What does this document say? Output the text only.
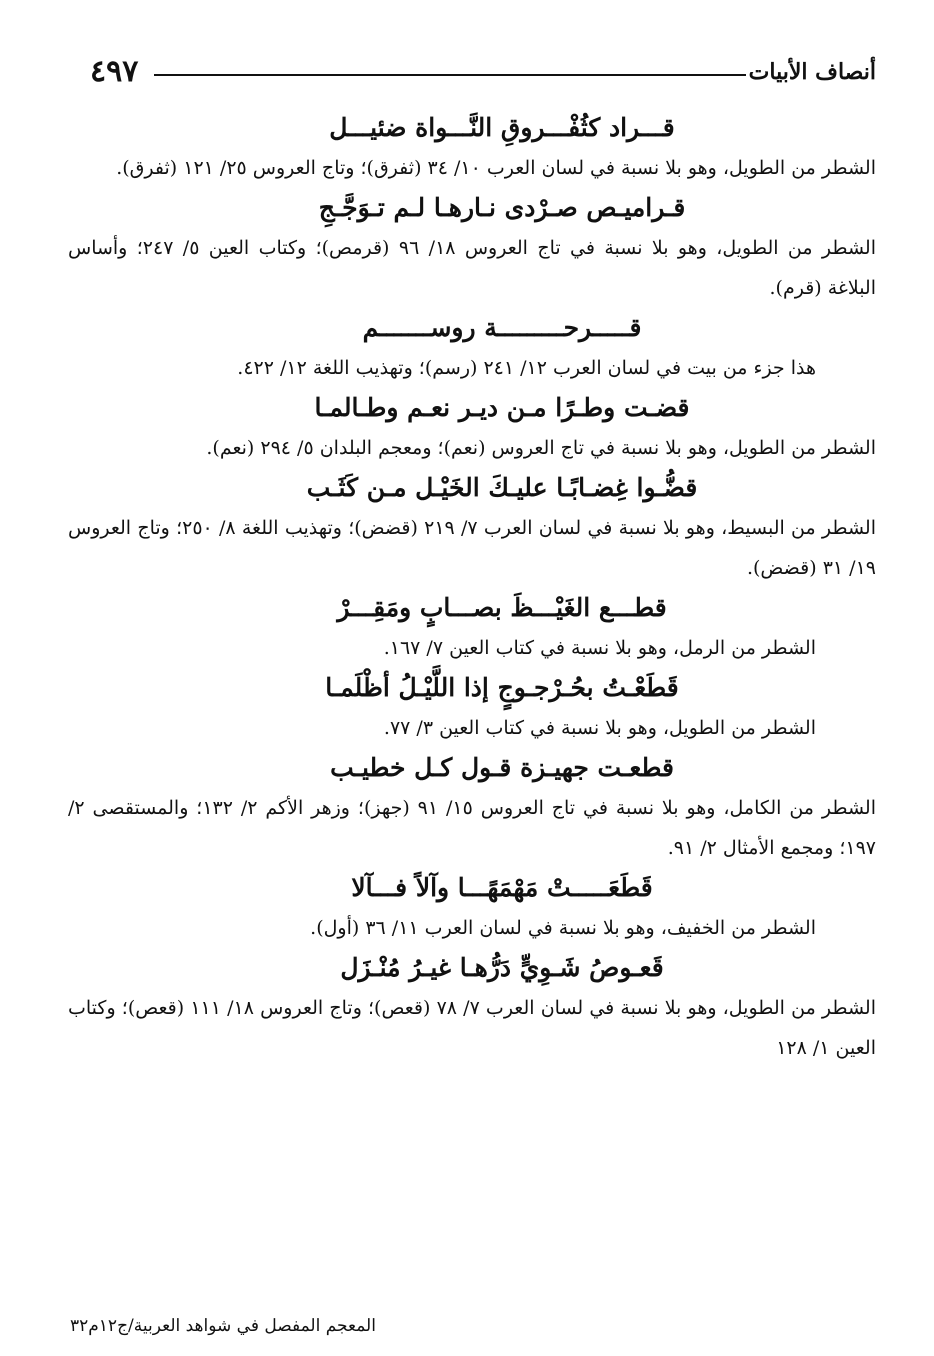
٤٩٧	أنصاف الأبيات

قـــراد كثُفْـــروقِ النَّـــواة ضئيـــل

الشطر من الطويل، وهو بلا نسبة في لسان العرب ١٠/ ٣٤ (ثفرق)؛ وتاج العروس ٢٥/ ١٢١ (ثفرق).

قـراميـص صـرْدى نـارهـا لـم تـوَجَّـجِ

الشطر من الطويل، وهو بلا نسبة في تاج العروس ١٨/ ٩٦ (قرمص)؛ وكتاب العين ٥/ ٢٤٧؛ وأساس البلاغة (قرم).

قـــــرحـــــــــة روســـــــم

هذا جزء من بيت في لسان العرب ١٢/ ٢٤١ (رسم)؛ وتهذيب اللغة ١٢/ ٤٢٢.

قضـت وطـرًا مـن ديـر نعـم وطـالمـا

الشطر من الطويل، وهو بلا نسبة في تاج العروس (نعم)؛ ومعجم البلدان ٥/ ٢٩٤ (نعم).

قضُّـوا غِضـابًـا عليـكَ الخَيْـل مـن كَثَـب

الشطر من البسيط، وهو بلا نسبة في لسان العرب ٧/ ٢١٩ (قضض)؛ وتهذيب اللغة ٨/ ٢٥٠؛ وتاج العروس ١٩/ ٣١ (قضض).

قطـــع الغَيْـــظَ بصـــابٍ ومَقِـــرْ

الشطر من الرمل، وهو بلا نسبة في كتاب العين ٧/ ١٦٧.

قَطَعْـتُ بحُـرْجـوجٍ إذا اللَّيْـلُ أظْلَمـا

الشطر من الطويل، وهو بلا نسبة في كتاب العين ٣/ ٧٧.

قطعـت جهيـزة قـول كـل خطيـب

الشطر من الكامل، وهو بلا نسبة في تاج العروس ١٥/ ٩١ (جهز)؛ وزهر الأكم ٢/ ١٣٢؛ والمستقصى ٢/ ١٩٧؛ ومجمع الأمثال ٢/ ٩١.

قَطَعَـــــتْ مَهْمَهًـــا وآلاً فـــآلا

الشطر من الخفيف، وهو بلا نسبة في لسان العرب ١١/ ٣٦ (أول).

قَعـوصُ شَـوِيٍّ دَرُّهـا غيـرُ مُنْـزَل

الشطر من الطويل، وهو بلا نسبة في لسان العرب ٧/ ٧٨ (قعص)؛ وتاج العروس ١٨/ ١١١ (قعص)؛ وكتاب العين ١/ ١٢٨

المعجم المفصل في شواهد العربية/ج١٢م٣٢
